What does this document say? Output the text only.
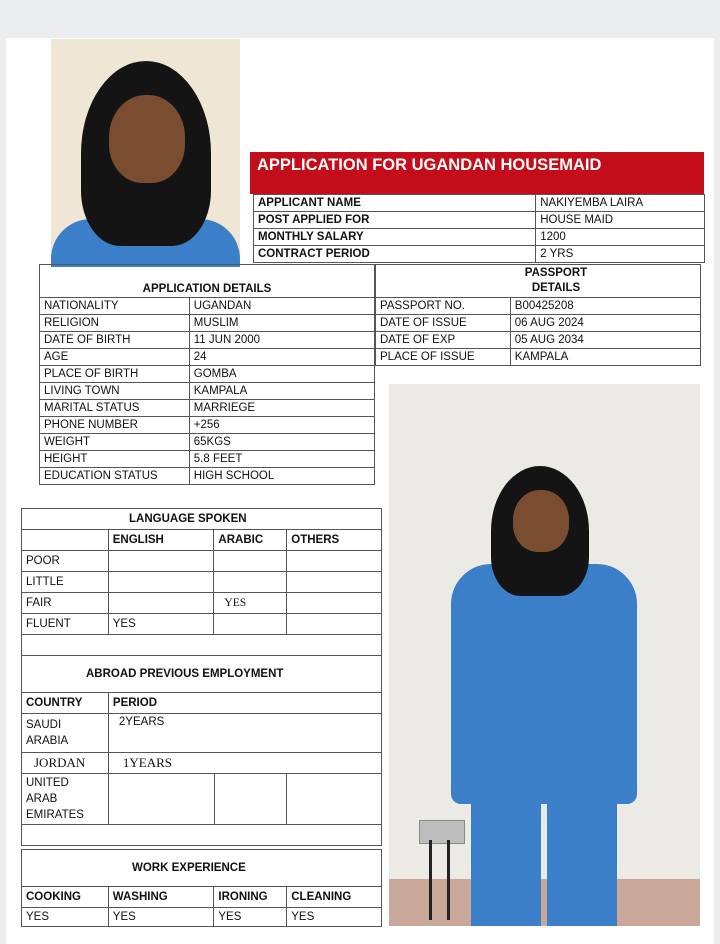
APPLICATION FOR UGANDAN HOUSEMAID
APPLICANT NAME	NAKIYEMBA LAIRA
POST APPLIED FOR	HOUSE MAID
MONTHLY SALARY	1200
CONTRACT PERIOD	2 YRS
APPLICATION DETAILS	
NATIONALITY	UGANDAN
RELIGION	MUSLIM
DATE OF BIRTH	11 JUN 2000
AGE	24
PLACE OF BIRTH	GOMBA
LIVING TOWN	KAMPALA
MARITAL STATUS	MARRIEGE
PHONE NUMBER	+256
WEIGHT	65KGS
HEIGHT	5.8 FEET
EDUCATION STATUS	HIGH SCHOOL
PASSPORT
DETAILS	
PASSPORT NO.	B00425208
DATE OF ISSUE	06 AUG 2024
DATE OF EXP	05 AUG 2034
PLACE OF ISSUE	KAMPALA
LANGUAGE SPOKEN			
	ENGLISH	ARABIC	OTHERS
POOR			
LITTLE			
FAIR		YES	
FLUENT	YES		

ABROAD PREVIOUS EMPLOYMENT			
COUNTRY	PERIOD		
SAUDI
ARABIA	2YEARS		
JORDAN	1YEARS		
UNITED
ARAB
EMIRATES			

WORK EXPERIENCE			
COOKING	WASHING	IRONING	CLEANING
YES	YES	YES	YES
